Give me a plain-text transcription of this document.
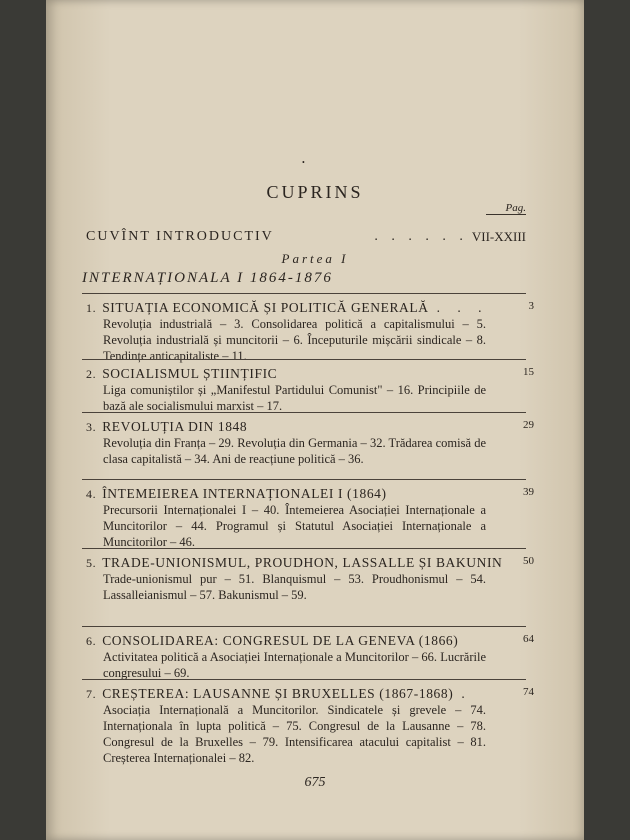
•
CUPRINS
Pag.
CUVÎNT INTRODUCTIV	. . . . . . VII-XXIII
Partea I
INTERNAȚIONALA I 1864-1876
1. SITUAȚIA ECONOMICĂ ȘI POLITICĂ GENERALĂ . . .
Revoluția industrială – 3. Consolidarea politică a capitalismului – 5. Revoluția industrială și muncitorii – 6. Începuturile mișcării sindicale – 8. Tendințe anticapitaliste – 11.
3
2. SOCIALISMUL ȘTIINȚIFIC
Liga comuniștilor și „Manifestul Partidului Comunist" – 16. Principiile de bază ale socialismului marxist – 17.
15
3. REVOLUȚIA DIN 1848
Revoluția din Franța – 29. Revoluția din Germania – 32. Trădarea comisă de clasa capitalistă – 34. Ani de reacțiune politică – 36.
29
4. ÎNTEMEIEREA INTERNAȚIONALEI I (1864)
Precursorii Internaționalei I – 40. Întemeierea Asociației Internaționale a Muncitorilor – 44. Programul și Statutul Asociației Internaționale a Muncitorilor – 46.
39
5. TRADE-UNIONISMUL, PROUDHON, LASSALLE ȘI BAKUNIN
Trade-unionismul pur – 51. Blanquismul – 53. Proudhonismul – 54. Lassalleianismul – 57. Bakunismul – 59.
50
6. CONSOLIDAREA: CONGRESUL DE LA GENEVA (1866)
Activitatea politică a Asociației Internaționale a Muncitorilor – 66. Lucrările congresului – 69.
64
7. CREȘTEREA: LAUSANNE ȘI BRUXELLES (1867-1868) .
Asociația Internațională a Muncitorilor. Sindicatele și grevele – 74. Internaționala în lupta politică – 75. Congresul de la Lausanne – 78. Congresul de la Bruxelles – 79. Intensificarea atacului capitalist – 81. Creșterea Internaționalei – 82.
74
675
